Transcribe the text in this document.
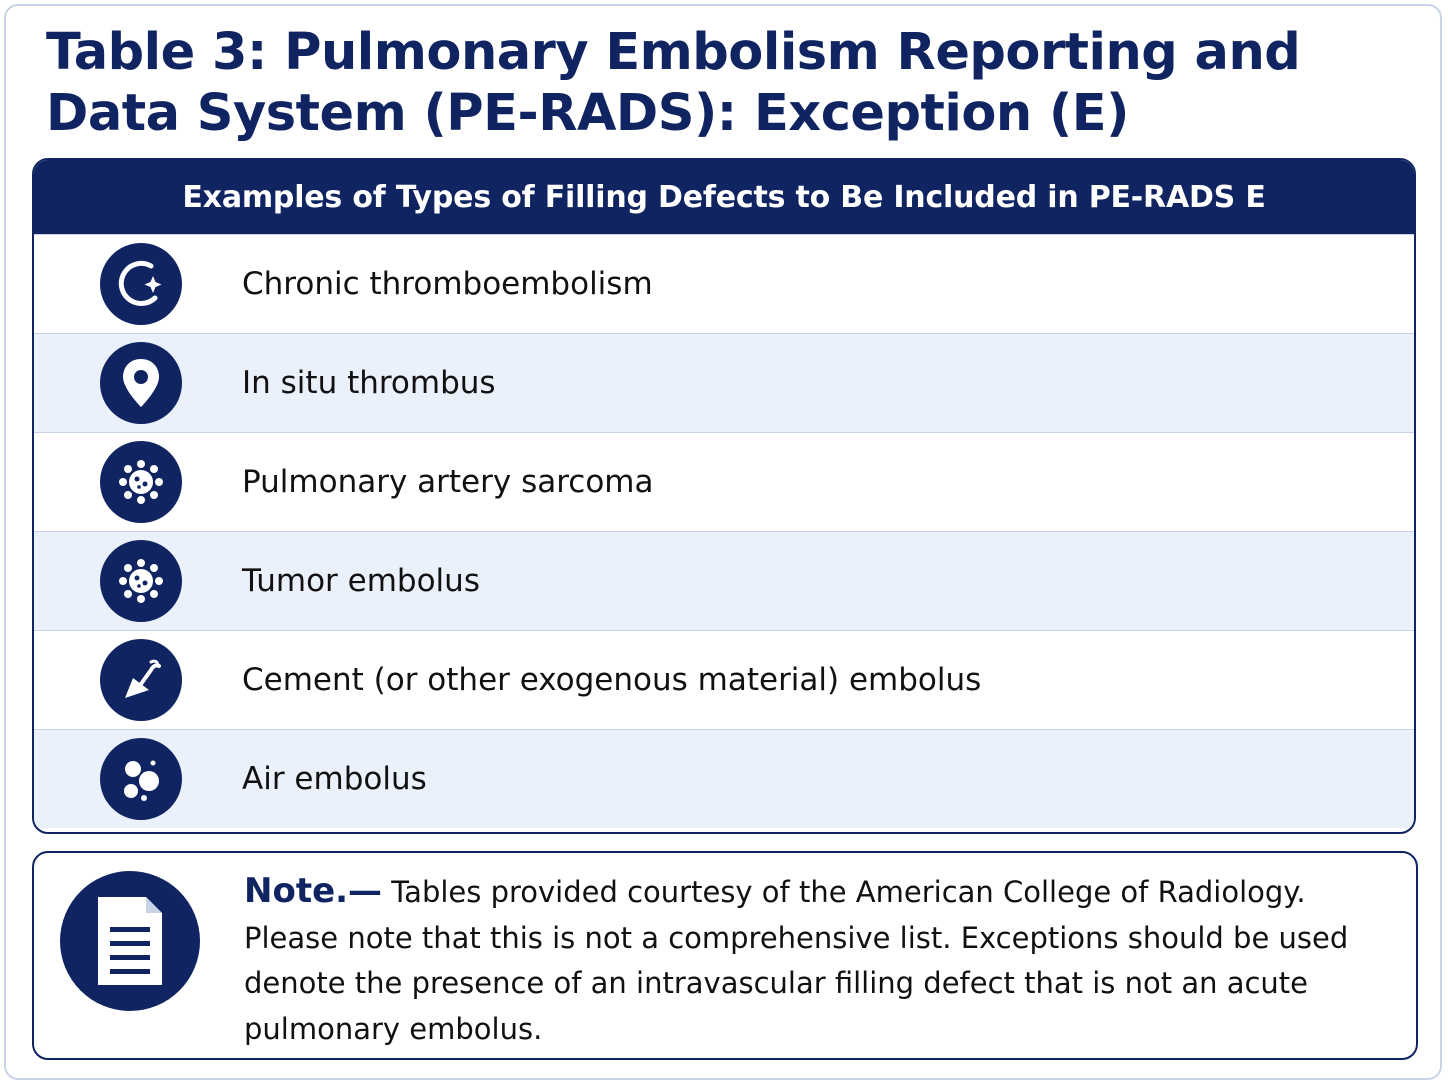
Table 3: Pulmonary Embolism Reporting and Data System (PE-RADS): Exception (E)
Examples of Types of Filling Defects to Be Included in PE-RADS E
Chronic thromboembolism
In situ thrombus
Pulmonary artery sarcoma
Tumor embolus
Cement (or other exogenous material) embolus
Air embolus
Note.— Tables provided courtesy of the American College of Radiology. Please note that this is not a comprehensive list. Exceptions should be used denote the presence of an intravascular filling defect that is not an acute pulmonary embolus.
